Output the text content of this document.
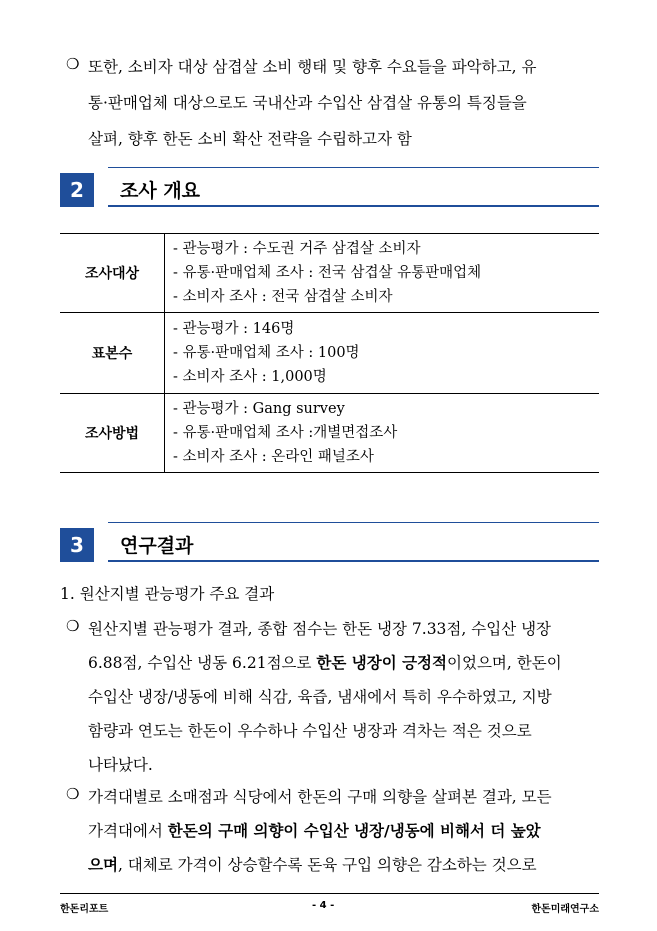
❍ 또한, 소비자 대상 삼겹살 소비 행태 및 향후 수요들을 파악하고, 유
통·판매업체 대상으로도 국내산과 수입산 삼겹살 유통의 특징들을
살펴, 향후 한돈 소비 확산 전략을 수립하고자 함
2	조사 개요
조사대상	- 관능평가 : 수도권 거주 삼겹살 소비자
- 유통·판매업체 조사 : 전국 삼겹살 유통판매업체
- 소비자 조사 : 전국 삼겹살 소비자

표본수	- 관능평가 : 146명
- 유통·판매업체 조사 : 100명
- 소비자 조사 : 1,000명

조사방법	- 관능평가 : Gang survey
- 유통·판매업체 조사 :개별면접조사
- 소비자 조사 : 온라인 패널조사
3	연구결과
1. 원산지별 관능평가 주요 결과
❍ 원산지별 관능평가 결과, 종합 점수는 한돈 냉장 7.33점, 수입산 냉장
6.88점, 수입산 냉동 6.21점으로 한돈 냉장이 긍정적이었으며, 한돈이
수입산 냉장/냉동에 비해 식감, 육즙, 냄새에서 특히 우수하였고, 지방
함량과 연도는 한돈이 우수하나 수입산 냉장과 격차는 적은 것으로
나타났다.
❍ 가격대별로 소매점과 식당에서 한돈의 구매 의향을 살펴본 결과, 모든
가격대에서 한돈의 구매 의향이 수입산 냉장/냉동에 비해서 더 높았
으며, 대체로 가격이 상승할수록 돈육 구입 의향은 감소하는 것으로
한돈리포트	- 4 -	한돈미래연구소
